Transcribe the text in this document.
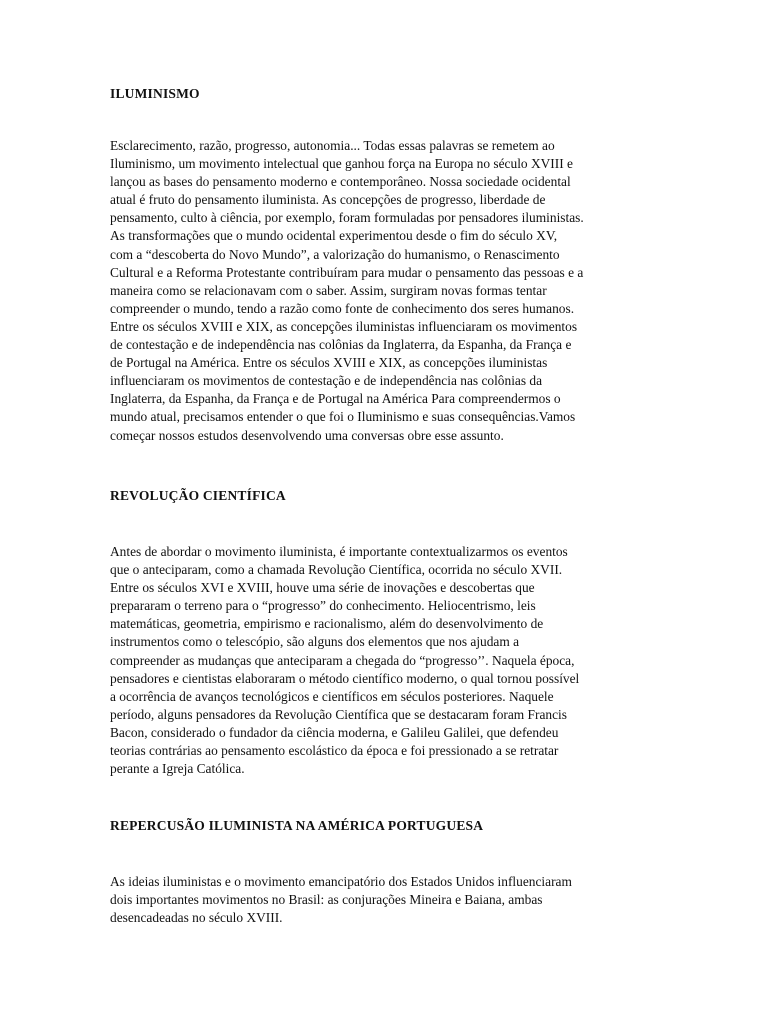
ILUMINISMO
Esclarecimento, razão, progresso, autonomia... Todas essas palavras se remetem ao
Iluminismo, um movimento intelectual que ganhou força na Europa no século XVIII e
lançou as bases do pensamento moderno e contemporâneo. Nossa sociedade ocidental
atual é fruto do pensamento iluminista. As concepções de progresso, liberdade de
pensamento, culto à ciência, por exemplo, foram formuladas por pensadores iluministas.
As transformações que o mundo ocidental experimentou desde o fim do século XV,
com a “descoberta do Novo Mundo”, a valorização do humanismo, o Renascimento
Cultural e a Reforma Protestante contribuíram para mudar o pensamento das pessoas e a
maneira como se relacionavam com o saber. Assim, surgiram novas formas tentar
compreender o mundo, tendo a razão como fonte de conhecimento dos seres humanos.
Entre os séculos XVIII e XIX, as concepções iluministas influenciaram os movimentos
de contestação e de independência nas colônias da Inglaterra, da Espanha, da França e
de Portugal na América. Entre os séculos XVIII e XIX, as concepções iluministas
influenciaram os movimentos de contestação e de independência nas colônias da
Inglaterra, da Espanha, da França e de Portugal na América Para compreendermos o
mundo atual, precisamos entender o que foi o Iluminismo e suas consequências.Vamos
começar nossos estudos desenvolvendo uma conversas obre esse assunto.
REVOLUÇÃO CIENTÍFICA
Antes de abordar o movimento iluminista, é importante contextualizarmos os eventos
que o anteciparam, como a chamada Revolução Científica, ocorrida no século XVII.
Entre os séculos XVI e XVIII, houve uma série de inovações e descobertas que
prepararam o terreno para o “progresso” do conhecimento. Heliocentrismo, leis
matemáticas, geometria, empirismo e racionalismo, além do desenvolvimento de
instrumentos como o telescópio, são alguns dos elementos que nos ajudam a
compreender as mudanças que anteciparam a chegada do “progresso’’. Naquela época,
pensadores e cientistas elaboraram o método científico moderno, o qual tornou possível
a ocorrência de avanços tecnológicos e científicos em séculos posteriores. Naquele
período, alguns pensadores da Revolução Científica que se destacaram foram Francis
Bacon, considerado o fundador da ciência moderna, e Galileu Galilei, que defendeu
teorias contrárias ao pensamento escolástico da época e foi pressionado a se retratar
perante a Igreja Católica.
REPERCUSÃO ILUMINISTA NA AMÉRICA PORTUGUESA
As ideias iluministas e o movimento emancipatório dos Estados Unidos influenciaram
dois importantes movimentos no Brasil: as conjurações Mineira e Baiana, ambas
desencadeadas no século XVIII.
